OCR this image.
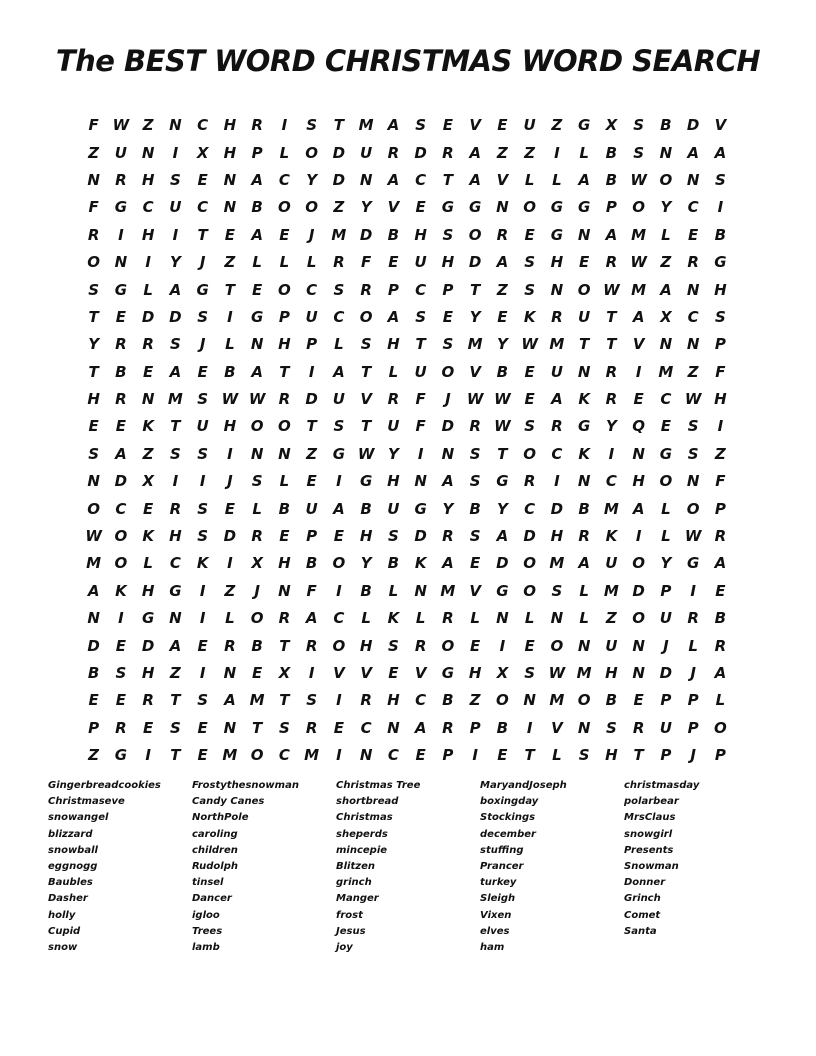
The BEST WORD CHRISTMAS WORD SEARCH
F W Z	N	C	H	R	I	S	T M A	S	E	V	E	U	Z	G	X	S	B	D	V
Z	U N	I	X	H	P	L	O D U	R	D	R	A	Z	Z	I	L	B	S	N	A	A
N	R	H	S	E	N	A	C	Y	D N	A	C	T	A	V	L	L	A	B W O N	S
F	G	C	U	C	N	B	O O	Z	Y	V	E	G G N O G G	P	O	Y	C	I
R	I	H	I	T	E	A	E	J	M D	B	H	S	O	R	E	G N	A M	L	E	B
O N	I	Y	J	Z	L	L	L	R	F	E	U H D	A	S	H	E	R W Z	R	G
S	G	L	A	G	T	E	O	C	S	R	P	C	P	T	Z	S	N O W M A	N H
T	E	D D	S	I	G	P	U	C	O	A	S	E	Y	E	K	R	U	T	A	X	C	S
Y	R	R	S	J	L	N H	P	L	S	H	T	S M Y W M T	T	V	N N	P
T	B	E	A	E	B	A	T	I	A	T	L	U O	V	B	E	U N	R	I	M Z	F
H	R	N M S W W R	D U	V	R	F	J	W W E	A	K	R	E	C W H
E	E	K	T	U H O O	T	S	T	U	F	D	R W S	R	G	Y	Q	E	S	I
S	A	Z	S	S	I	N N	Z	G W Y	I	N	S	T	O	C	K	I	N G	S	Z
N D	X	I	I	J	S	L	E	I	G H N	A	S	G	R	I	N	C	H O N	F
O	C	E	R	S	E	L	B	U	A	B	U	G	Y	B	Y	C	D	B M A	L	O	P
W O	K	H	S	D	R	E	P	E	H	S	D	R	S	A	D H	R	K	I	L W R
M O	L	C	K	I	X	H	B	O	Y	B	K	A	E	D O M A	U O	Y	G	A
A	K	H G	I	Z	J	N	F	I	B	L	N M V	G O	S	L	M D	P	I	E
N	I	G N	I	L	O	R	A	C	L	K	L	R	L	N	L	N	L	Z	O U	R	B
D	E	D	A	E	R	B	T	R	O H	S	R	O	E	I	E	O N U N	J	L	R
B	S	H	Z	I	N	E	X	I	V	V	E	V	G H	X	S W M H N D	J	A
E	E	R	T	S	A M T	S	I	R	H	C	B	Z	O N M O	B	E	P	P	L
P	R	E	S	E	N	T	S	R	E	C	N	A	R	P	B	I	V	N	S	R	U	P	O
Z	G	I	T	E M O	C M	I	N	C	E	P	I	E	T	L	S	H	T	P	J	P
Gingerbreadcookies
Christmaseve
snowangel
blizzard
snowball
eggnogg
Baubles
Dasher
holly
Cupid
snow
Frostythesnowman
Candy Canes
NorthPole
caroling
children
Rudolph
tinsel
Dancer
igloo
Trees
lamb
Christmas Tree
shortbread
Christmas
sheperds
mincepie
Blitzen
grinch
Manger
frost
Jesus
joy
MaryandJoseph
boxingday
Stockings
december
stuffing
Prancer
turkey
Sleigh
Vixen
elves
ham
christmasday
polarbear
MrsClaus
snowgirl
Presents
Snowman
Donner
Grinch
Comet
Santa
